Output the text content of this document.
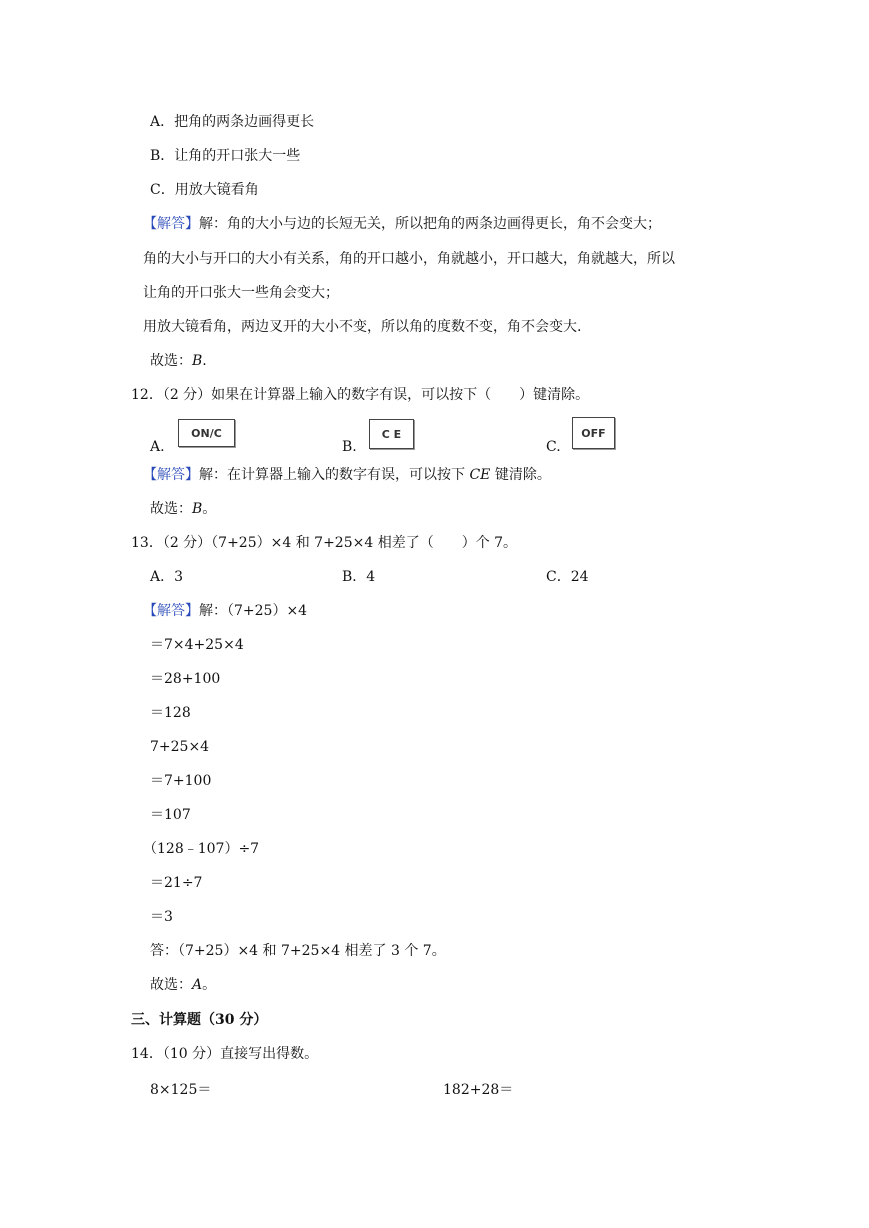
A．把角的两条边画得更长
B．让角的开口张大一些
C．用放大镜看角
【解答】解：角的大小与边的长短无关，所以把角的两条边画得更长，角不会变大；
角的大小与开口的大小有关系，角的开口越小，角就越小，开口越大，角就越大，所以
让角的开口张大一些角会变大；
用放大镜看角，两边叉开的大小不变，所以角的度数不变，角不会变大.
故选：B.
12．（2 分）如果在计算器上输入的数字有误，可以按下（　　）键清除。
A.
ON/C
B.
C E
C.
OFF
【解答】解：在计算器上输入的数字有误，可以按下 CE 键清除。
故选：B。
13．（2 分）（7+25）×4 和 7+25×4 相差了（　　）个 7。
A．3	B．4	C．24
【解答】解：（7+25）×4
＝7×4+25×4
＝28+100
＝128
7+25×4
＝7+100
＝107
（128﹣107）÷7
＝21÷7
＝3
答：（7+25）×4 和 7+25×4 相差了 3 个 7。
故选：A。
三、计算题（30 分）
14．（10 分）直接写出得数。
8×125＝	182+28＝
